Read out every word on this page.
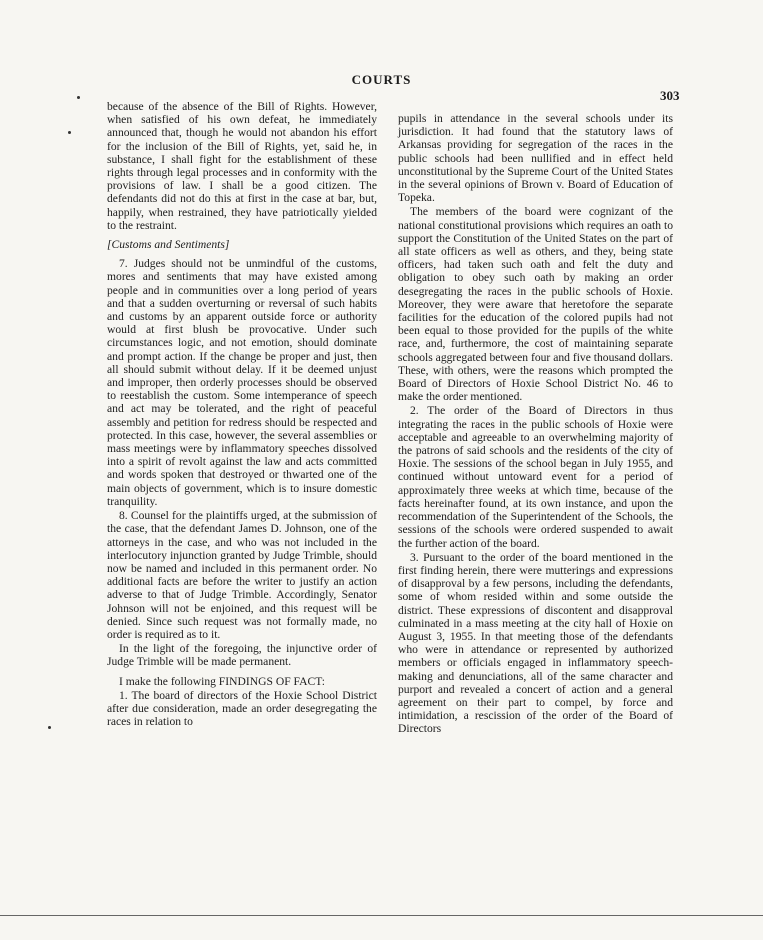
COURTS
303

because of the absence of the Bill of Rights. However, when satisfied of his own defeat, he immediately announced that, though he would not abandon his effort for the inclusion of the Bill of Rights, yet, said he, in substance, I shall fight for the establishment of these rights through legal processes and in conformity with the provisions of law. I shall be a good citizen. The defendants did not do this at first in the case at bar, but, happily, when restrained, they have patriotically yielded to the restraint.

[Customs and Sentiments]

7. Judges should not be unmindful of the customs, mores and sentiments that may have existed among people and in communities over a long period of years and that a sudden overturning or reversal of such habits and customs by an apparent outside force or authority would at first blush be provocative. Under such circumstances logic, and not emotion, should dominate and prompt action. If the change be proper and just, then all should submit without delay. If it be deemed unjust and improper, then orderly processes should be observed to reestablish the custom. Some intemperance of speech and act may be tolerated, and the right of peaceful assembly and petition for redress should be respected and protected. In this case, however, the several assemblies or mass meetings were by inflammatory speeches dissolved into a spirit of revolt against the law and acts committed and words spoken that destroyed or thwarted one of the main objects of government, which is to insure domestic tranquility.

8. Counsel for the plaintiffs urged, at the submission of the case, that the defendant James D. Johnson, one of the attorneys in the case, and who was not included in the interlocutory injunction granted by Judge Trimble, should now be named and included in this permanent order. No additional facts are before the writer to justify an action adverse to that of Judge Trimble. Accordingly, Senator Johnson will not be enjoined, and this request will be denied. Since such request was not formally made, no order is required as to it.

In the light of the foregoing, the injunctive order of Judge Trimble will be made permanent.

I make the following FINDINGS OF FACT:

1. The board of directors of the Hoxie School District after due consideration, made an order desegregating the races in relation to

pupils in attendance in the several schools under its jurisdiction. It had found that the statutory laws of Arkansas providing for segregation of the races in the public schools had been nullified and in effect held unconstitutional by the Supreme Court of the United States in the several opinions of Brown v. Board of Education of Topeka.

The members of the board were cognizant of the national constitutional provisions which requires an oath to support the Constitution of the United States on the part of all state officers as well as others, and they, being state officers, had taken such oath and felt the duty and obligation to obey such oath by making an order desegregating the races in the public schools of Hoxie. Moreover, they were aware that heretofore the separate facilities for the education of the colored pupils had not been equal to those provided for the pupils of the white race, and, furthermore, the cost of maintaining separate schools aggregated between four and five thousand dollars. These, with others, were the reasons which prompted the Board of Directors of Hoxie School District No. 46 to make the order mentioned.

2. The order of the Board of Directors in thus integrating the races in the public schools of Hoxie were acceptable and agreeable to an overwhelming majority of the patrons of said schools and the residents of the city of Hoxie. The sessions of the school began in July 1955, and continued without untoward event for a period of approximately three weeks at which time, because of the facts hereinafter found, at its own instance, and upon the recommendation of the Superintendent of the Schools, the sessions of the schools were ordered suspended to await the further action of the board.

3. Pursuant to the order of the board mentioned in the first finding herein, there were mutterings and expressions of disapproval by a few persons, including the defendants, some of whom resided within and some outside the district. These expressions of discontent and disapproval culminated in a mass meeting at the city hall of Hoxie on August 3, 1955. In that meeting those of the defendants who were in attendance or represented by authorized members or officials engaged in inflammatory speech-making and denunciations, all of the same character and purport and revealed a concert of action and a general agreement on their part to compel, by force and intimidation, a rescission of the order of the Board of Directors
